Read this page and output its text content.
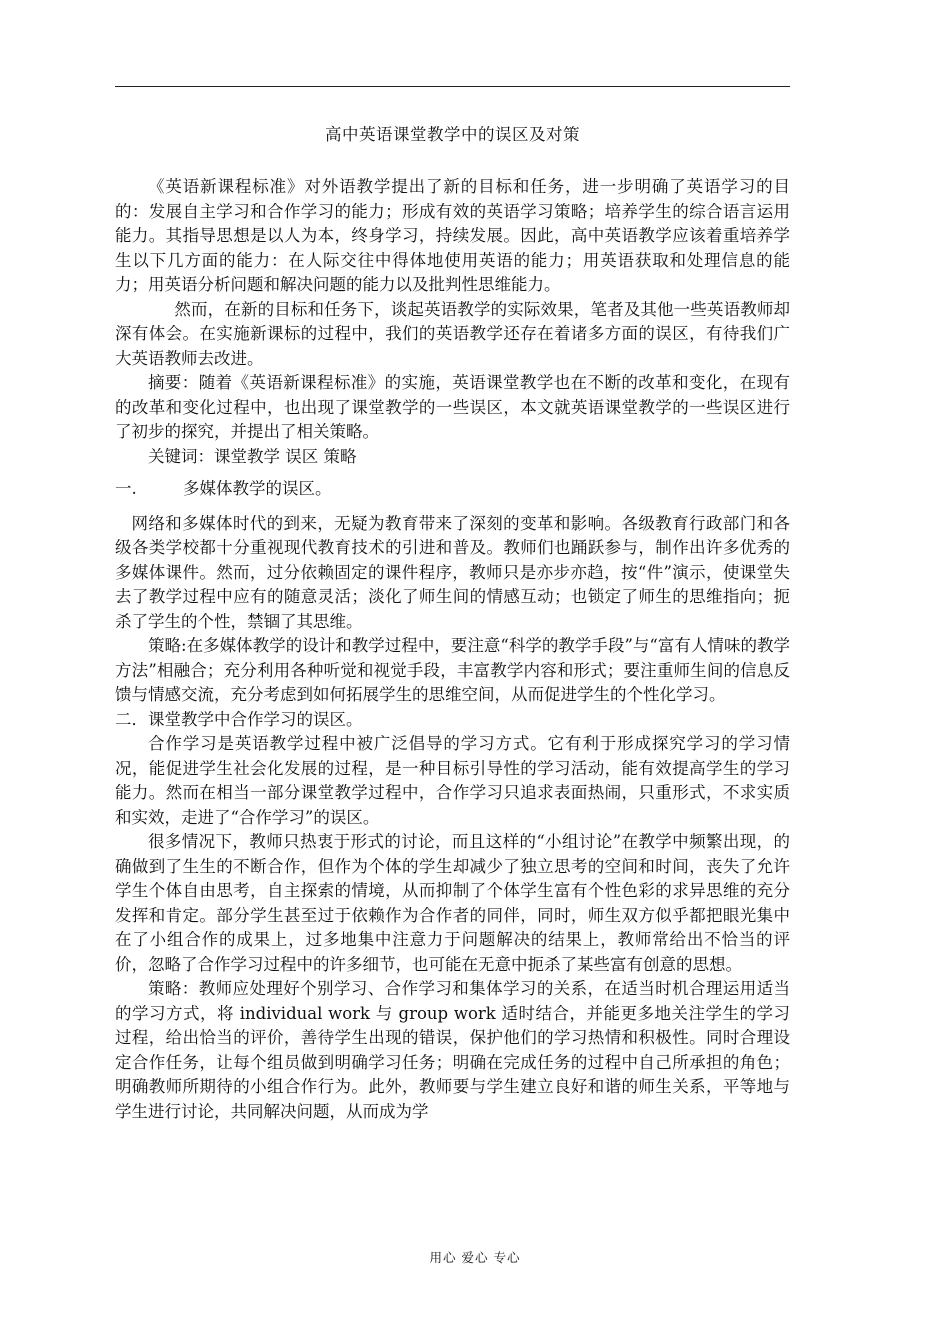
高中英语课堂教学中的误区及对策

《英语新课程标准》对外语教学提出了新的目标和任务，进一步明确了英语学习的目的：发展自主学习和合作学习的能力；形成有效的英语学习策略；培养学生的综合语言运用能力。其指导思想是以人为本，终身学习，持续发展。因此，高中英语教学应该着重培养学生以下几方面的能力：在人际交往中得体地使用英语的能力；用英语获取和处理信息的能力；用英语分析问题和解决问题的能力以及批判性思维能力。

然而，在新的目标和任务下，谈起英语教学的实际效果，笔者及其他一些英语教师却深有体会。在实施新课标的过程中，我们的英语教学还存在着诸多方面的误区，有待我们广大英语教师去改进。

摘要：随着《英语新课程标准》的实施，英语课堂教学也在不断的改革和变化，在现有的改革和变化过程中，也出现了课堂教学的一些误区，本文就英语课堂教学的一些误区进行了初步的探究，并提出了相关策略。

关键词：课堂教学 误区 策略

一.	多媒体教学的误区。

网络和多媒体时代的到来，无疑为教育带来了深刻的变革和影响。各级教育行政部门和各级各类学校都十分重视现代教育技术的引进和普及。教师们也踊跃参与，制作出许多优秀的多媒体课件。然而，过分依赖固定的课件程序，教师只是亦步亦趋，按“件”演示，使课堂失去了教学过程中应有的随意灵活；淡化了师生间的情感互动；也锁定了师生的思维指向；扼杀了学生的个性，禁锢了其思维。

策略:在多媒体教学的设计和教学过程中，要注意“科学的教学手段”与“富有人情味的教学方法”相融合；充分利用各种听觉和视觉手段，丰富教学内容和形式；要注重师生间的信息反馈与情感交流，充分考虑到如何拓展学生的思维空间，从而促进学生的个性化学习。

二．课堂教学中合作学习的误区。

合作学习是英语教学过程中被广泛倡导的学习方式。它有利于形成探究学习的学习情况，能促进学生社会化发展的过程，是一种目标引导性的学习活动，能有效提高学生的学习能力。然而在相当一部分课堂教学过程中，合作学习只追求表面热闹，只重形式，不求实质和实效，走进了“合作学习”的误区。

很多情况下，教师只热衷于形式的讨论，而且这样的“小组讨论”在教学中频繁出现，的确做到了生生的不断合作，但作为个体的学生却减少了独立思考的空间和时间，丧失了允许学生个体自由思考，自主探索的情境，从而抑制了个体学生富有个性色彩的求异思维的充分发挥和肯定。部分学生甚至过于依赖作为合作者的同伴，同时，师生双方似乎都把眼光集中在了小组合作的成果上，过多地集中注意力于问题解决的结果上，教师常给出不恰当的评价，忽略了合作学习过程中的许多细节，也可能在无意中扼杀了某些富有创意的思想。

策略：教师应处理好个别学习、合作学习和集体学习的关系，在适当时机合理运用适当的学习方式，将 individual work 与 group work 适时结合，并能更多地关注学生的学习过程，给出恰当的评价，善待学生出现的错误，保护他们的学习热情和积极性。同时合理设定合作任务，让每个组员做到明确学习任务；明确在完成任务的过程中自己所承担的角色；明确教师所期待的小组合作行为。此外，教师要与学生建立良好和谐的师生关系，平等地与学生进行讨论，共同解决问题，从而成为学

用心 爱心 专心
